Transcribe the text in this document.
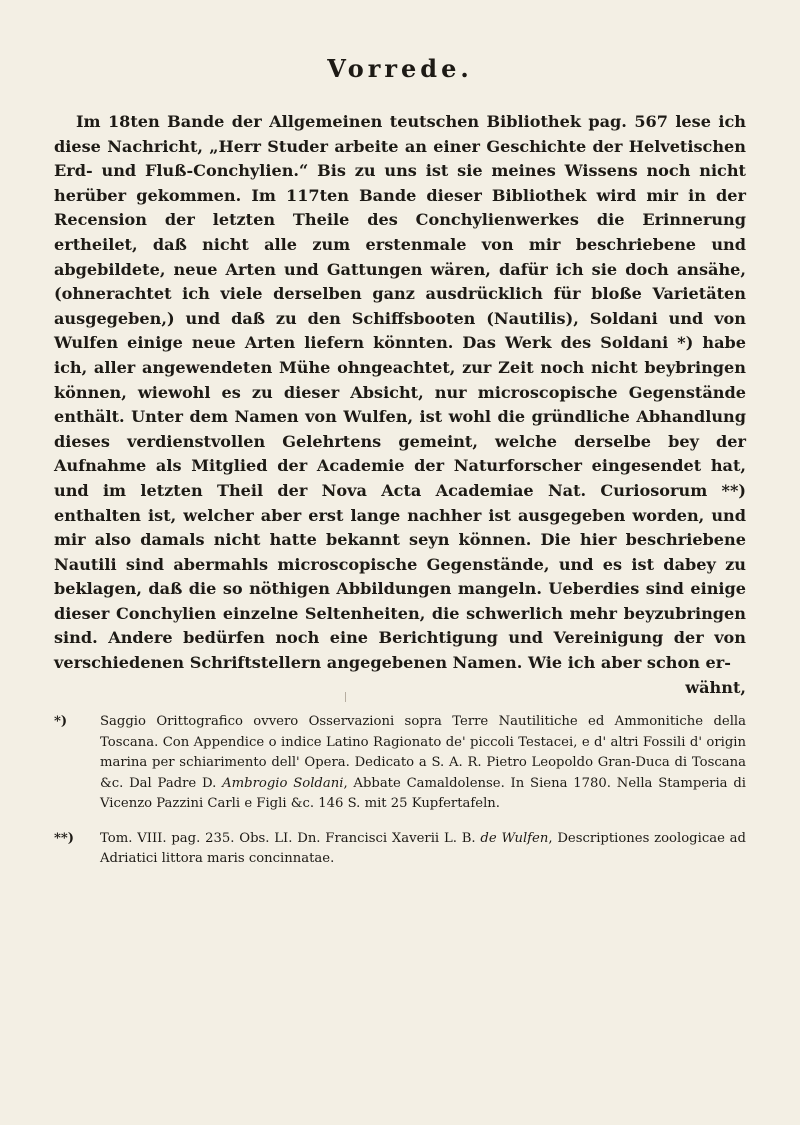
Vorrede.

Im 18ten Bande der Allgemeinen teutschen Bibliothek pag. 567 lese ich diese Nachricht, „Herr Studer arbeite an einer Geschichte der Helvetischen Erd- und Fluß-Conchylien.“ Bis zu uns ist sie meines Wissens noch nicht herüber gekommen. Im 117ten Bande dieser Bibliothek wird mir in der Recension der letzten Theile des Conchylienwerkes die Erinnerung ertheilet, daß nicht alle zum erstenmale von mir beschriebene und abgebildete, neue Arten und Gattungen wären, dafür ich sie doch ansähe, (ohnerachtet ich viele derselben ganz ausdrücklich für bloße Varietäten ausgegeben,) und daß zu den Schiffsbooten (Nautilis), Soldani und von Wulfen einige neue Arten liefern könnten. Das Werk des Soldani *) habe ich, aller angewendeten Mühe ohngeachtet, zur Zeit noch nicht beybringen können, wiewohl es zu dieser Absicht, nur microscopische Gegenstände enthält. Unter dem Namen von Wulfen, ist wohl die gründliche Abhandlung dieses verdienstvollen Gelehrtens gemeint, welche derselbe bey der Aufnahme als Mitglied der Academie der Naturforscher eingesendet hat, und im letzten Theil der Nova Acta Academiae Nat. Curiosorum **) enthalten ist, welcher aber erst lange nachher ist ausgegeben worden, und mir also damals nicht hatte bekannt seyn können. Die hier beschriebene Nautili sind abermahls microscopische Gegenstände, und es ist dabey zu beklagen, daß die so nöthigen Abbildungen mangeln. Ueberdies sind einige dieser Conchylien einzelne Seltenheiten, die schwerlich mehr beyzubringen sind. Andere bedürfen noch eine Berichtigung und Vereinigung der von verschiedenen Schriftstellern angegebenen Namen. Wie ich aber schon er-

wähnt,
*)	Saggio Orittografico ovvero Osservazioni sopra Terre Nautilitiche ed Ammonitiche della Toscana. Con Appendice o indice Latino Ragionato de' piccoli Testacei, e d' altri Fossili d' origin marina per schiarimento dell' Opera. Dedicato a S. A. R. Pietro Leopoldo Gran-Duca di Toscana &c. Dal Padre D. Ambrogio Soldani, Abbate Camaldolense. In Siena 1780. Nella Stamperia di Vicenzo Pazzini Carli e Figli &c. 146 S. mit 25 Kupfertafeln.
**)	Tom. VIII. pag. 235. Obs. LI. Dn. Francisci Xaverii L. B. de Wulfen, Descriptiones zoologicae ad Adriatici littora maris concinnatae.
